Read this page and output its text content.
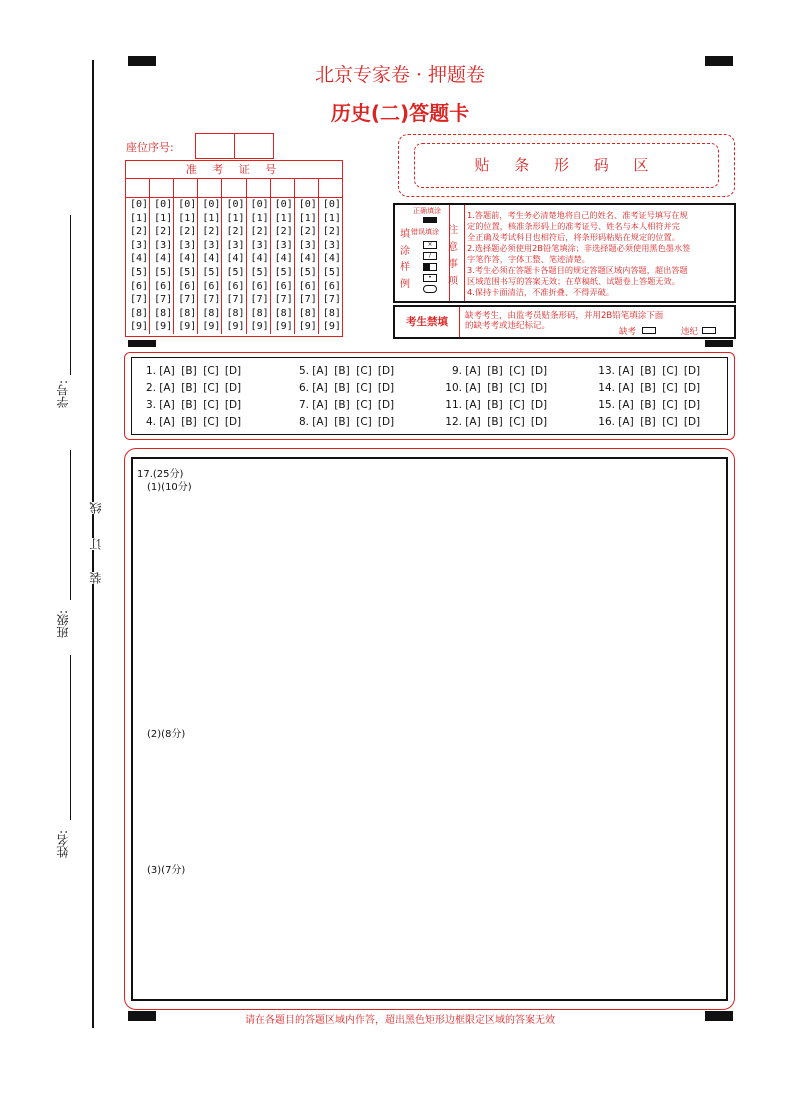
学号:
班级:
姓名:
线
订
装
北京专家卷 · 押题卷
历史(二)答题卡
座位序号:
准 考 证 号
[0]
[1]
[2]
[3]
[4]
[5]
[6]
[7]
[8]
[9]
[0]
[1]
[2]
[3]
[4]
[5]
[6]
[7]
[8]
[9]
[0]
[1]
[2]
[3]
[4]
[5]
[6]
[7]
[8]
[9]
[0]
[1]
[2]
[3]
[4]
[5]
[6]
[7]
[8]
[9]
[0]
[1]
[2]
[3]
[4]
[5]
[6]
[7]
[8]
[9]
[0]
[1]
[2]
[3]
[4]
[5]
[6]
[7]
[8]
[9]
[0]
[1]
[2]
[3]
[4]
[5]
[6]
[7]
[8]
[9]
[0]
[1]
[2]
[3]
[4]
[5]
[6]
[7]
[8]
[9]
[0]
[1]
[2]
[3]
[4]
[5]
[6]
[7]
[8]
[9]
贴 条 形 码 区
正确填涂
错误填涂
填
涂
样
例
×
/
•
注
意
事
项
1.答题前，考生务必清楚地将自己的姓名、准考证号填写在规
定的位置，核准条形码上的准考证号、姓名与本人相符并完
全正确及考试科目也相符后，将条形码粘贴在规定的位置。
2.选择题必须使用2B铅笔填涂；非选择题必须使用黑色墨水签
字笔作答，字体工整、笔迹清楚。
3.考生必须在答题卡各题目的规定答题区域内答题，超出答题
区域范围书写的答案无效；在草稿纸、试题卷上答题无效。
4.保持卡面清洁，不准折叠、不得弄破。
考生禁填	缺考考生，由监考员贴条形码，并用2B铅笔填涂下面
的缺考考或违纪标记。
缺考	违纪
1. [A] [B] [C] [D]
2. [A] [B] [C] [D]
3. [A] [B] [C] [D]
4. [A] [B] [C] [D]
5. [A] [B] [C] [D]
6. [A] [B] [C] [D]
7. [A] [B] [C] [D]
8. [A] [B] [C] [D]
9. [A] [B] [C] [D]
10. [A] [B] [C] [D]
11. [A] [B] [C] [D]
12. [A] [B] [C] [D]
13. [A] [B] [C] [D]
14. [A] [B] [C] [D]
15. [A] [B] [C] [D]
16. [A] [B] [C] [D]
17.(25分)
(1)(10分)
(2)(8分)
(3)(7分)
请在各题目的答题区域内作答，超出黑色矩形边框限定区域的答案无效
